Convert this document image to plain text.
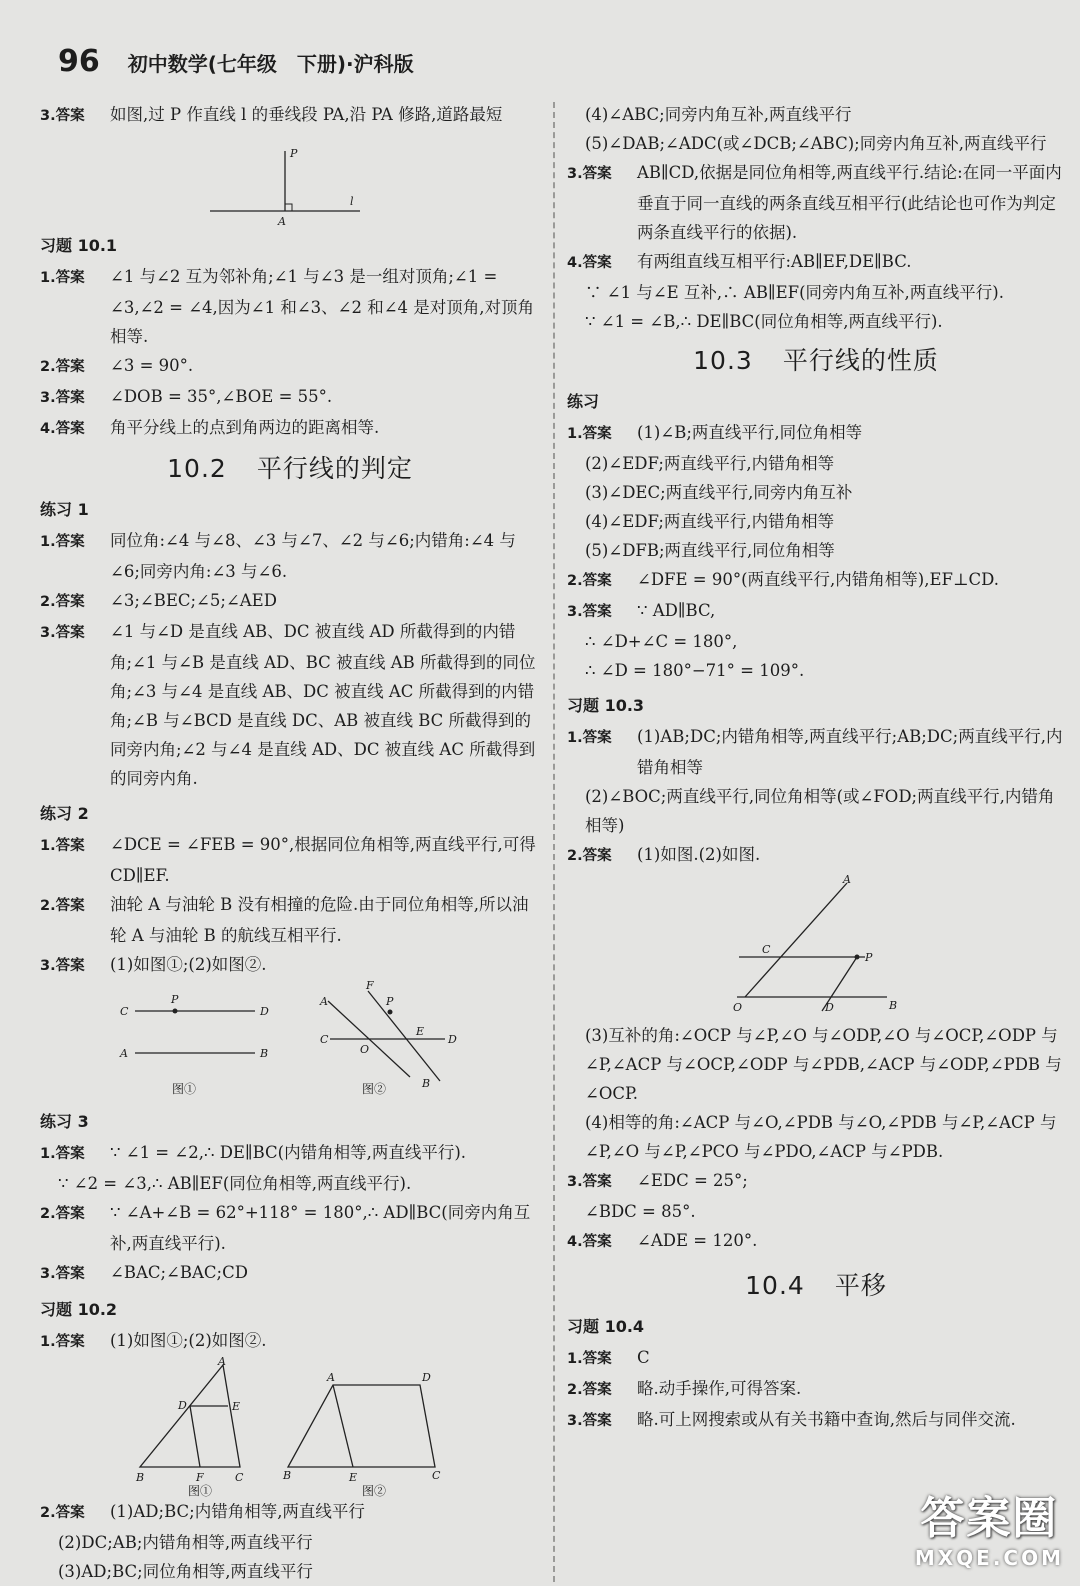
96 初中数学(七年级　下册)·沪科版

3.答案 如图,过 P 作直线 l 的垂线段 PA,沿 PA 修路,道路最短

P
A
l
习题 10.1

1.答案 ∠1 与∠2 互为邻补角;∠1 与∠3 是一组对顶角;∠1 = ∠3,∠2 = ∠4,因为∠1 和∠3、∠2 和∠4 是对顶角,对顶角相等.

2.答案 ∠3 = 90°.

3.答案 ∠DOB = 35°,∠BOE = 55°.

4.答案 角平分线上的点到角两边的距离相等.

10.2 平行线的判定
练习 1

1.答案 同位角:∠4 与∠8、∠3 与∠7、∠2 与∠6;内错角:∠4 与∠6;同旁内角:∠3 与∠6.

2.答案 ∠3;∠BEC;∠5;∠AED

3.答案 ∠1 与∠D 是直线 AB、DC 被直线 AD 所截得到的内错角;∠1 与∠B 是直线 AD、BC 被直线 AB 所截得到的同位角;∠3 与∠4 是直线 AB、DC 被直线 AC 所截得到的内错角;∠B 与∠BCD 是直线 DC、AB 被直线 BC 所截得到的同旁内角;∠2 与∠4 是直线 AD、DC 被直线 AC 所截得到的同旁内角.

练习 2

1.答案 ∠DCE = ∠FEB = 90°,根据同位角相等,两直线平行,可得 CD∥EF.

2.答案 油轮 A 与油轮 B 没有相撞的危险.由于同位角相等,所以油轮 A 与油轮 B 的航线互相平行.

3.答案 (1)如图①;(2)如图②.

C
P
D
A	B
图①
A
F
P
C
E
D
O
B
图②
练习 3

1.答案 ∵ ∠1 = ∠2,∴ DE∥BC(内错角相等,两直线平行).

∵ ∠2 = ∠3,∴ AB∥EF(同位角相等,两直线平行).

2.答案 ∵ ∠A+∠B = 62°+118° = 180°,∴ AD∥BC(同旁内角互补,两直线平行).

3.答案 ∠BAC;∠BAC;CD

习题 10.2

1.答案 (1)如图①;(2)如图②.

A
D	E
B	F	C
图①
A	D
B	E	C
图②

2.答案 (1)AD;BC;内错角相等,两直线平行

(2)DC;AB;内错角相等,两直线平行

(3)AD;BC;同位角相等,两直线平行

(4)∠ABC;同旁内角互补,两直线平行

(5)∠DAB;∠ADC(或∠DCB;∠ABC);同旁内角互补,两直线平行

3.答案 AB∥CD,依据是同位角相等,两直线平行.结论:在同一平面内垂直于同一直线的两条直线互相平行(此结论也可作为判定两条直线平行的依据).

4.答案 有两组直线互相平行:AB∥EF,DE∥BC.

∵ ∠1 与∠E 互补,∴ AB∥EF(同旁内角互补,两直线平行).

∵ ∠1 = ∠B,∴ DE∥BC(同位角相等,两直线平行).

10.3 平行线的性质
练习

1.答案 (1)∠B;两直线平行,同位角相等

(2)∠EDF;两直线平行,内错角相等

(3)∠DEC;两直线平行,同旁内角互补

(4)∠EDF;两直线平行,内错角相等

(5)∠DFB;两直线平行,同位角相等

2.答案 ∠DFE = 90°(两直线平行,内错角相等),EF⊥CD.

3.答案 ∵ AD∥BC,

∴ ∠D+∠C = 180°,

∴ ∠D = 180°−71° = 109°.

习题 10.3

1.答案 (1)AB;DC;内错角相等,两直线平行;AB;DC;两直线平行,内错角相等

(2)∠BOC;两直线平行,同位角相等(或∠FOD;两直线平行,内错角相等)

2.答案 (1)如图.(2)如图.

A
C
P
O	D	B

(3)互补的角:∠OCP 与∠P,∠O 与∠ODP,∠O 与∠OCP,∠ODP 与∠P,∠ACP 与∠OCP,∠ODP 与∠PDB,∠ACP 与∠ODP,∠PDB 与∠OCP.

(4)相等的角:∠ACP 与∠O,∠PDB 与∠O,∠PDB 与∠P,∠ACP 与∠P,∠O 与∠P,∠PCO 与∠PDO,∠ACP 与∠PDB.

3.答案 ∠EDC = 25°;

∠BDC = 85°.

4.答案 ∠ADE = 120°.

10.4 平移
习题 10.4

1.答案 C

2.答案 略.动手操作,可得答案.

3.答案 略.可上网搜索或从有关书籍中查询,然后与同伴交流.

答案圈
MXQE.COM
